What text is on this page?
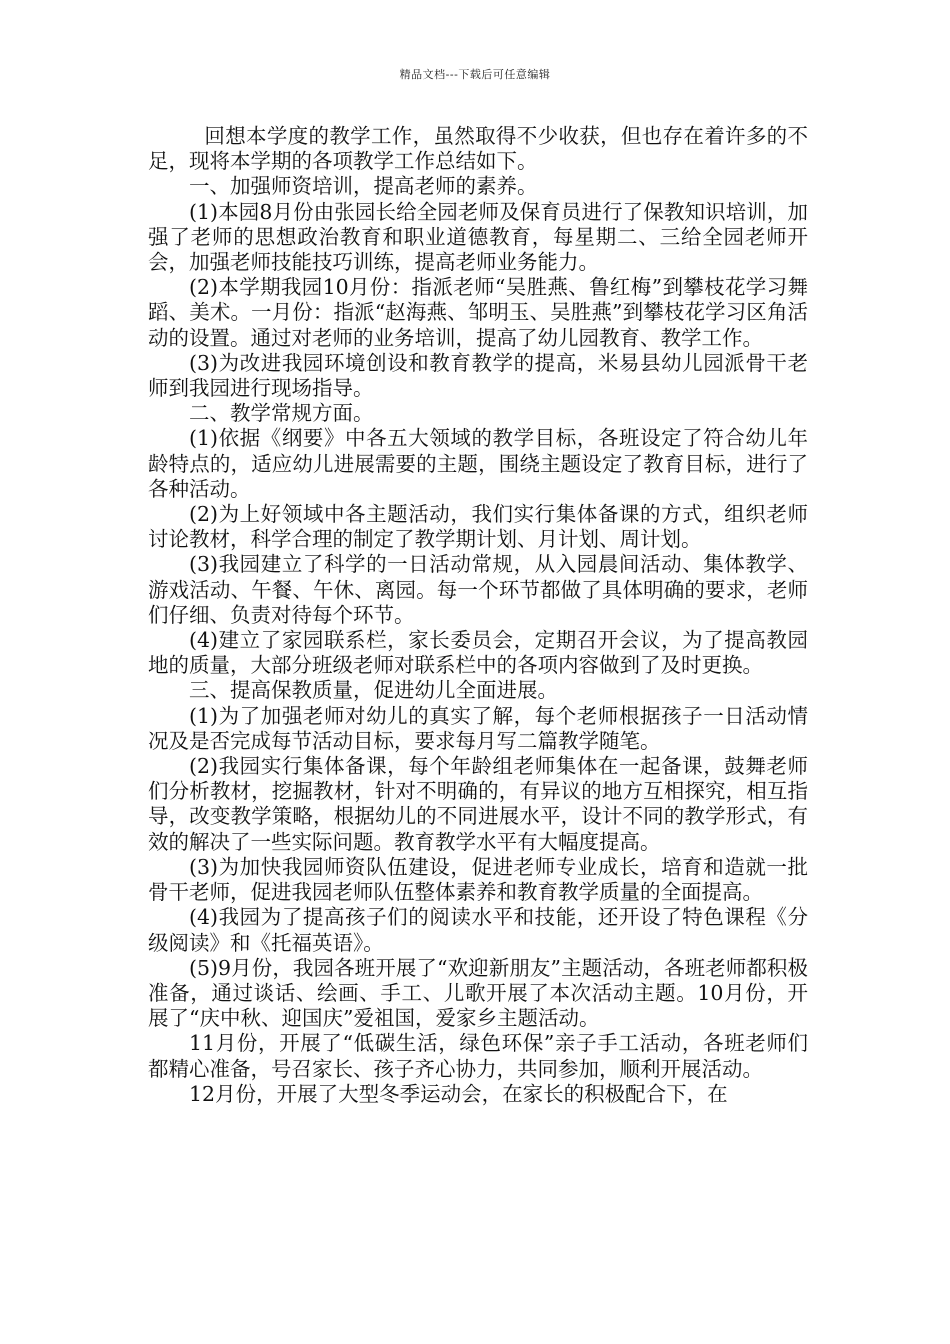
精品文档---下载后可任意编辑

回想本学度的教学工作，虽然取得不少收获，但也存在着许多的不足，现将本学期的各项教学工作总结如下。

一、加强师资培训，提高老师的素养。

(1)本园8月份由张园长给全园老师及保育员进行了保教知识培训，加强了老师的思想政治教育和职业道德教育，每星期二、三给全园老师开会，加强老师技能技巧训练，提高老师业务能力。

(2)本学期我园10月份：指派老师“吴胜燕、鲁红梅”到攀枝花学习舞蹈、美术。一月份：指派“赵海燕、邹明玉、吴胜燕”到攀枝花学习区角活动的设置。通过对老师的业务培训，提高了幼儿园教育、教学工作。

(3)为改进我园环境创设和教育教学的提高，米易县幼儿园派骨干老师到我园进行现场指导。

二、教学常规方面。

(1)依据《纲要》中各五大领域的教学目标，各班设定了符合幼儿年龄特点的，适应幼儿进展需要的主题，围绕主题设定了教育目标，进行了各种活动。

(2)为上好领域中各主题活动，我们实行集体备课的方式，组织老师讨论教材，科学合理的制定了教学期计划、月计划、周计划。

(3)我园建立了科学的一日活动常规，从入园晨间活动、集体教学、游戏活动、午餐、午休、离园。每一个环节都做了具体明确的要求，老师们仔细、负责对待每个环节。

(4)建立了家园联系栏，家长委员会，定期召开会议，为了提高教园地的质量，大部分班级老师对联系栏中的各项内容做到了及时更换。

三、提高保教质量，促进幼儿全面进展。

(1)为了加强老师对幼儿的真实了解，每个老师根据孩子一日活动情况及是否完成每节活动目标，要求每月写二篇教学随笔。

(2)我园实行集体备课，每个年龄组老师集体在一起备课，鼓舞老师们分析教材，挖掘教材，针对不明确的，有异议的地方互相探究，相互指导，改变教学策略，根据幼儿的不同进展水平，设计不同的教学形式，有效的解决了一些实际问题。教育教学水平有大幅度提高。

(3)为加快我园师资队伍建设，促进老师专业成长，培育和造就一批骨干老师，促进我园老师队伍整体素养和教育教学质量的全面提高。

(4)我园为了提高孩子们的阅读水平和技能，还开设了特色课程《分级阅读》和《托福英语》。

(5)9月份，我园各班开展了“欢迎新朋友”主题活动，各班老师都积极准备，通过谈话、绘画、手工、儿歌开展了本次活动主题。10月份，开展了“庆中秋、迎国庆”爱祖国，爱家乡主题活动。

11月份，开展了“低碳生活，绿色环保”亲子手工活动，各班老师们都精心准备，号召家长、孩子齐心协力，共同参加，顺利开展活动。

12月份，开展了大型冬季运动会，在家长的积极配合下，在
